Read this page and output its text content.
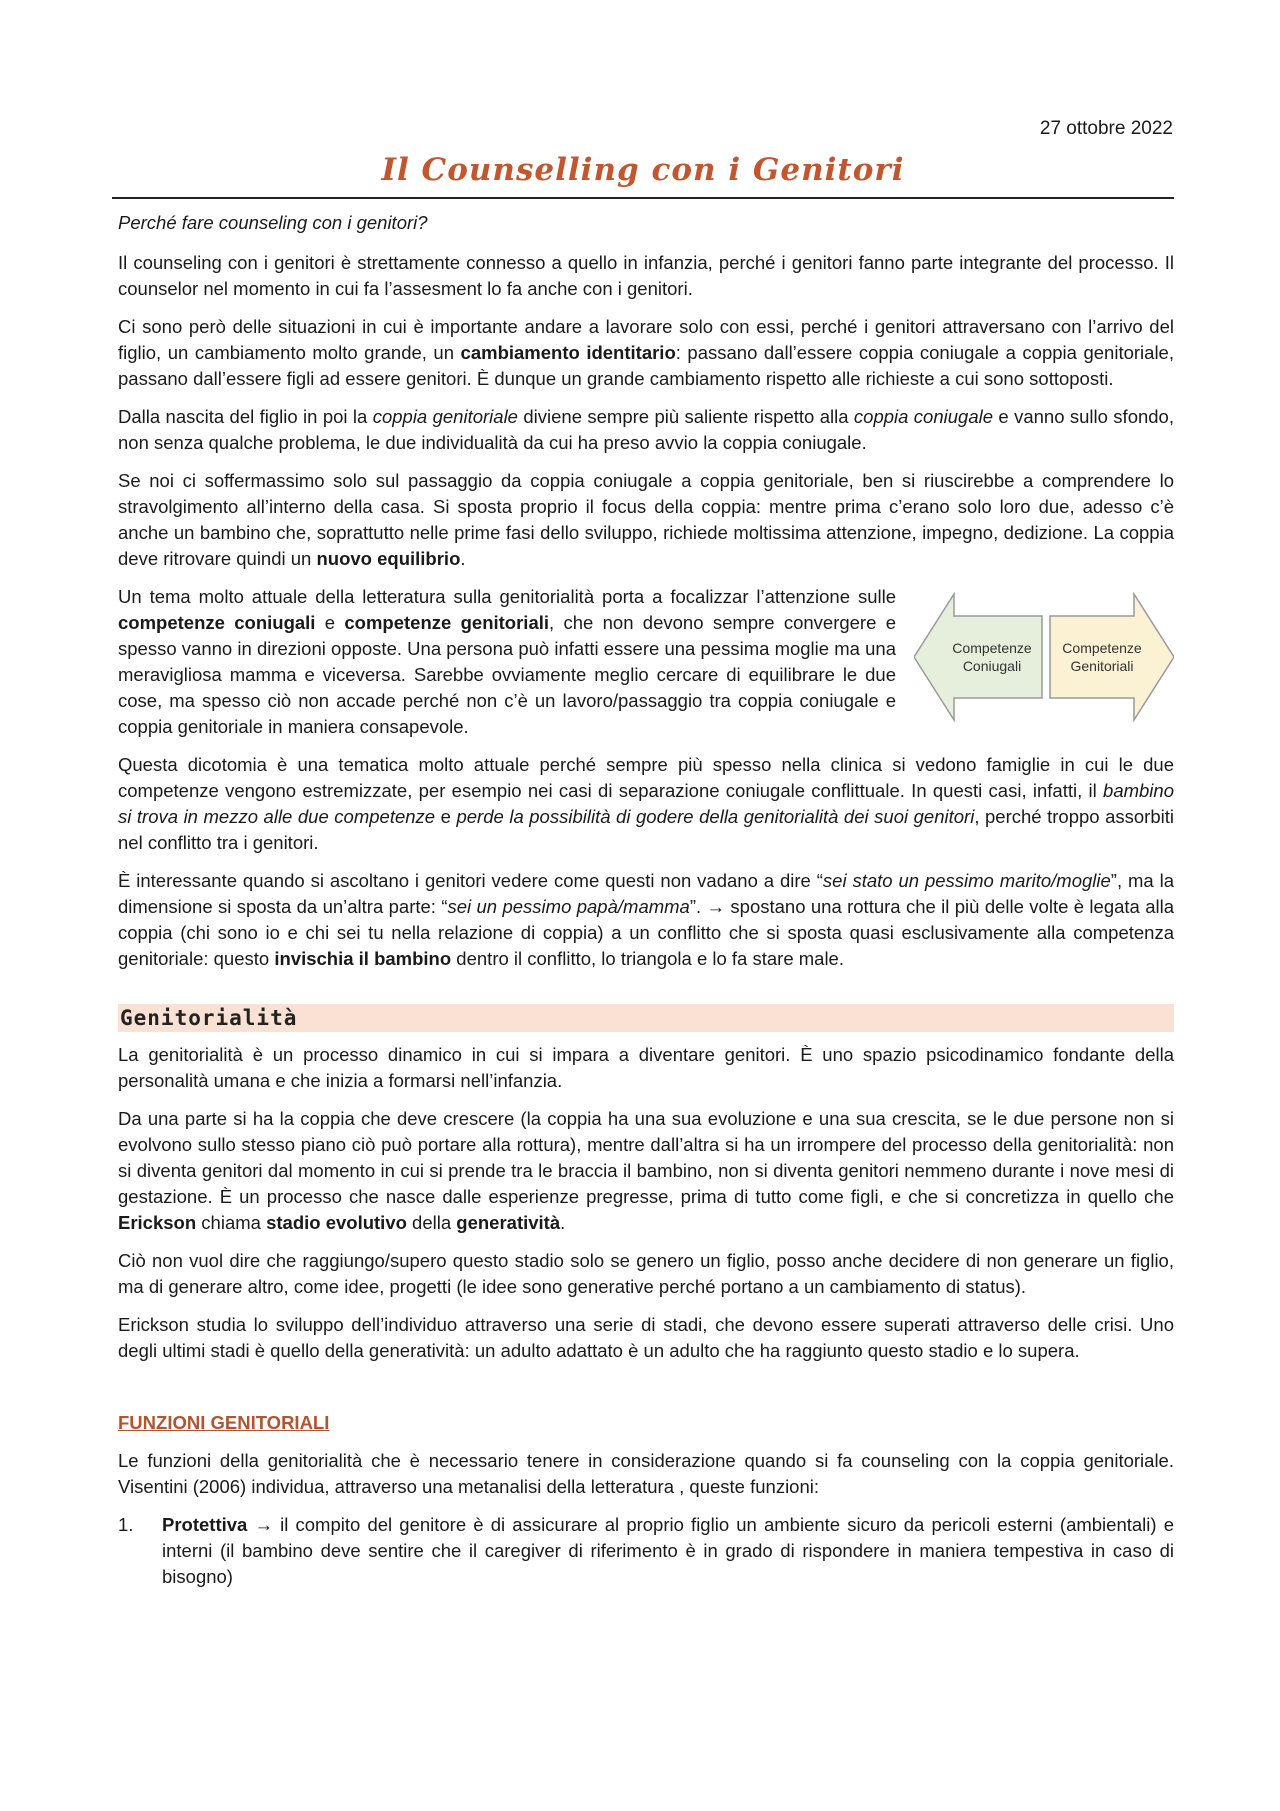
27 ottobre 2022
Il Counselling con i Genitori

Perché fare counseling con i genitori?

Il counseling con i genitori è strettamente connesso a quello in infanzia, perché i genitori fanno parte integrante del processo. Il counselor nel momento in cui fa l’assesment lo fa anche con i genitori.

Ci sono però delle situazioni in cui è importante andare a lavorare solo con essi, perché i genitori attraversano con l’arrivo del figlio, un cambiamento molto grande, un cambiamento identitario: passano dall’essere coppia coniugale a coppia genitoriale, passano dall’essere figli ad essere genitori. È dunque un grande cambiamento rispetto alle richieste a cui sono sottoposti.

Dalla nascita del figlio in poi la coppia genitoriale diviene sempre più saliente rispetto alla coppia coniugale e vanno sullo sfondo, non senza qualche problema, le due individualità da cui ha preso avvio la coppia coniugale.

Se noi ci soffermassimo solo sul passaggio da coppia coniugale a coppia genitoriale, ben si riuscirebbe a comprendere lo stravolgimento all’interno della casa. Si sposta proprio il focus della coppia: mentre prima c’erano solo loro due, adesso c’è anche un bambino che, soprattutto nelle prime fasi dello sviluppo, richiede moltissima attenzione, impegno, dedizione. La coppia deve ritrovare quindi un nuovo equilibrio.

Un tema molto attuale della letteratura sulla genitorialità porta a focalizzar l’attenzione sulle competenze coniugali e competenze genitoriali, che non devono sempre convergere e spesso vanno in direzioni opposte. Una persona può infatti essere una pessima moglie ma una meravigliosa mamma e viceversa. Sarebbe ovviamente meglio cercare di equilibrare le due cose, ma spesso ciò non accade perché non c’è un lavoro/passaggio tra coppia coniugale e coppia genitoriale in maniera consapevole.

Competenze
Coniugali
Competenze
Genitoriali

Questa dicotomia è una tematica molto attuale perché sempre più spesso nella clinica si vedono famiglie in cui le due competenze vengono estremizzate, per esempio nei casi di separazione coniugale conflittuale. In questi casi, infatti, il bambino si trova in mezzo alle due competenze e perde la possibilità di godere della genitorialità dei suoi genitori, perché troppo assorbiti nel conflitto tra i genitori.

È interessante quando si ascoltano i genitori vedere come questi non vadano a dire “sei stato un pessimo marito/moglie”, ma la dimensione si sposta da un’altra parte: “sei un pessimo papà/mamma”. → spostano una rottura che il più delle volte è legata alla coppia (chi sono io e chi sei tu nella relazione di coppia) a un conflitto che si sposta quasi esclusivamente alla competenza genitoriale: questo invischia il bambino dentro il conflitto, lo triangola e lo fa stare male.

Genitorialità

La genitorialità è un processo dinamico in cui si impara a diventare genitori. È uno spazio psicodinamico fondante della personalità umana e che inizia a formarsi nell’infanzia.

Da una parte si ha la coppia che deve crescere (la coppia ha una sua evoluzione e una sua crescita, se le due persone non si evolvono sullo stesso piano ciò può portare alla rottura), mentre dall’altra si ha un irrompere del processo della genitorialità: non si diventa genitori dal momento in cui si prende tra le braccia il bambino, non si diventa genitori nemmeno durante i nove mesi di gestazione. È un processo che nasce dalle esperienze pregresse, prima di tutto come figli, e che si concretizza in quello che Erickson chiama stadio evolutivo della generatività.

Ciò non vuol dire che raggiungo/supero questo stadio solo se genero un figlio, posso anche decidere di non generare un figlio, ma di generare altro, come idee, progetti (le idee sono generative perché portano a un cambiamento di status).

Erickson studia lo sviluppo dell’individuo attraverso una serie di stadi, che devono essere superati attraverso delle crisi. Uno degli ultimi stadi è quello della generatività: un adulto adattato è un adulto che ha raggiunto questo stadio e lo supera.

FUNZIONI GENITORIALI

Le funzioni della genitorialità che è necessario tenere in considerazione quando si fa counseling con la coppia genitoriale. Visentini (2006) individua, attraverso una metanalisi della letteratura , queste funzioni:

1.	Protettiva → il compito del genitore è di assicurare al proprio figlio un ambiente sicuro da pericoli esterni (ambientali) e interni (il bambino deve sentire che il caregiver di riferimento è in grado di rispondere in maniera tempestiva in caso di bisogno)
